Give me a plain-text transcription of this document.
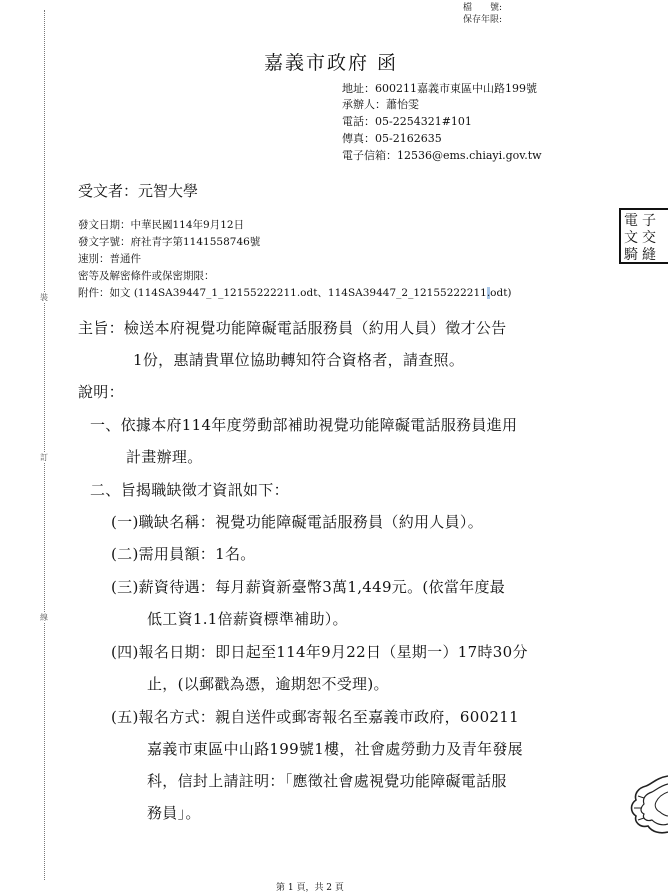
裝
訂
線
檔　　號:
保存年限:
嘉義市政府 函
地址：600211嘉義市東區中山路199號
承辦人：蕭怡雯
電話：05-2254321#101
傳真：05-2162635
電子信箱：12536@ems.chiayi.gov.tw
受文者：元智大學
發文日期：中華民國114年9月12日
發文字號：府社青字第1141558746號
速別：普通件
密等及解密條件或保密期限：
附件：如文 (114SA39447_1_12155222211.odt、114SA39447_2_12155222211.odt)
主旨：檢送本府視覺功能障礙電話服務員（約用人員）徵才公告
1份，惠請貴單位協助轉知符合資格者，請查照。
說明：
一、依據本府114年度勞動部補助視覺功能障礙電話服務員進用
計畫辦理。
二、旨揭職缺徵才資訊如下：
(一)職缺名稱：視覺功能障礙電話服務員（約用人員）。
(二)需用員額：1名。
(三)薪資待遇：每月薪資新臺幣3萬1,449元。(依當年度最
低工資1.1倍薪資標準補助）。
(四)報名日期：即日起至114年9月22日（星期一）17時30分
止，(以郵戳為憑，逾期恕不受理)。
(五)報名方式：親自送件或郵寄報名至嘉義市政府，600211
嘉義市東區中山路199號1樓，社會處勞動力及青年發展
科，信封上請註明：「應徵社會處視覺功能障礙電話服
務員」。
電 子
文 交
騎 縫
第 1 頁，共 2 頁
